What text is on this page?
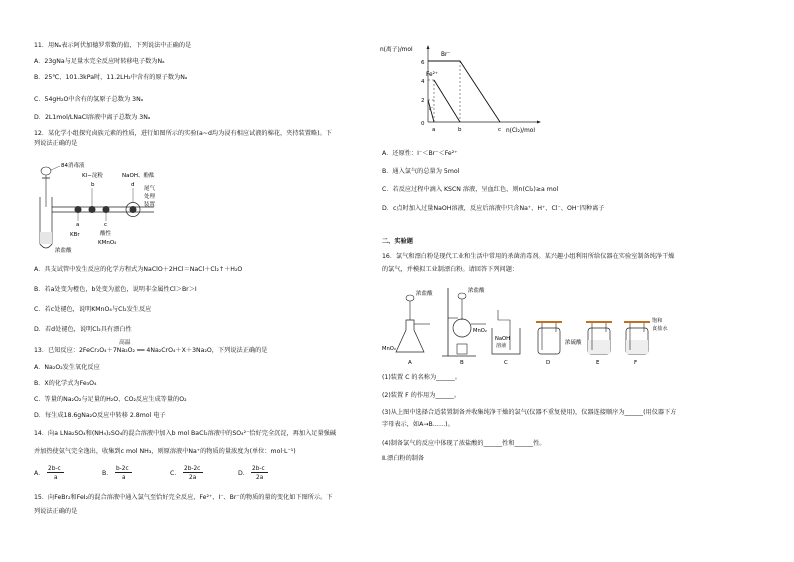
11．用Nₐ表示阿伏加德罗常数的值，下列说法中正确的是
A．23gNa与足量水完全反应时转移电子数为Nₐ
B．25℃、101.3kPa时，11.2LH₂中含有的原子数为Nₐ
C．54gH₂O中含有的氢原子总数为 3Nₐ
D．2L1mol/LNaCl溶液中离子总数为 3Nₐ
12．某化学小组探究卤族元素的性质，进行如图所示的实验(a~d均为浸有相应试液的棉花，夹持装置略)。下
列说法正确的是
84消毒液
KI−淀粉	NaOH、酚酞
b	d
a	c
KBr	酸性
KMnO₄
浓盐酸
尾气
处理
装置
A．具支试管中发生反应的化学方程式为NaClO＋2HCl＝NaCl＋Cl₂↑＋H₂O
B．若a处变为橙色，b处变为蓝色，说明非金属性Cl＞Br＞I
C．若c处褪色，说明KMnO₄与Cl₂发生反应
D．若d处褪色，说明Cl₂具有漂白性
高温
13．已知反应：2FeCr₂O₄＋7Na₂O₂ ══ 4Na₂CrO₄＋X＋3Na₂O，下列说法正确的是
A．Na₂O₂发生氧化反应
B．X的化学式为Fe₃O₄
C．等量的Na₂O₂与足量的H₂O、CO₂反应生成等量的O₂
D．每生成18.6gNa₂O反应中转移 2.8mol 电子
14．向a LNa₂SO₄和(NH₄)₂SO₄的混合溶液中加入b mol BaCl₂溶液中的SO₄²⁻恰好完全沉淀，再加入足量强碱
并加热使氨气完全逸出，收集到c mol NH₃，则原溶液中Na⁺的物质的量浓度为(单位：mol·L⁻¹)
A．
2b-c
a
B．
b-2c
a
C．
2b-2c
2a
D．
2b-c
2a
15．向FeBr₂和FeI₂的混合溶液中通入氯气至恰好完全反应，Fe²⁺、I⁻、Br⁻的物质的量的变化如下图所示。下
列说法正确的是
n(离子)/mol
n(Cl₂)/mol
6
4
2
0
a	b	c
Br⁻
Fe²⁺
I⁻
A．还原性：I⁻＜Br⁻＜Fe²⁺
B．通入氯气的总量为 5mol
C．若反应过程中滴入 KSCN 溶液，呈血红色，则n(Cl₂)≥a mol
D．c点时加入过量NaOH溶液，反应后溶液中只含Na⁺、H⁺、Cl⁻、OH⁻四种离子
二、实验题
16．氯气和漂白粉是现代工业和生活中常用的杀菌消毒剂。某兴趣小组利用所给仪器在实验室制备纯净干燥
的氯气，并模拟工业制漂白粉。请回答下列问题：
浓盐酸
MnO₂
A
浓盐酸
MnO₂
B
NaOH
溶液
C	D
浓硫酸
E
饱和
食盐水
F
(1)装置 C 的名称为______。
(2)装置 F 的作用为______。
(3)从上图中选择合适装置制备并收集纯净干燥的氯气(仪器不重复使用)，仪器连接顺序为______(用仪器下方
字母表示，如A→B……)。
(4)制备氯气的反应中体现了浓盐酸的______性和______性。
Ⅱ.漂白粉的制备
